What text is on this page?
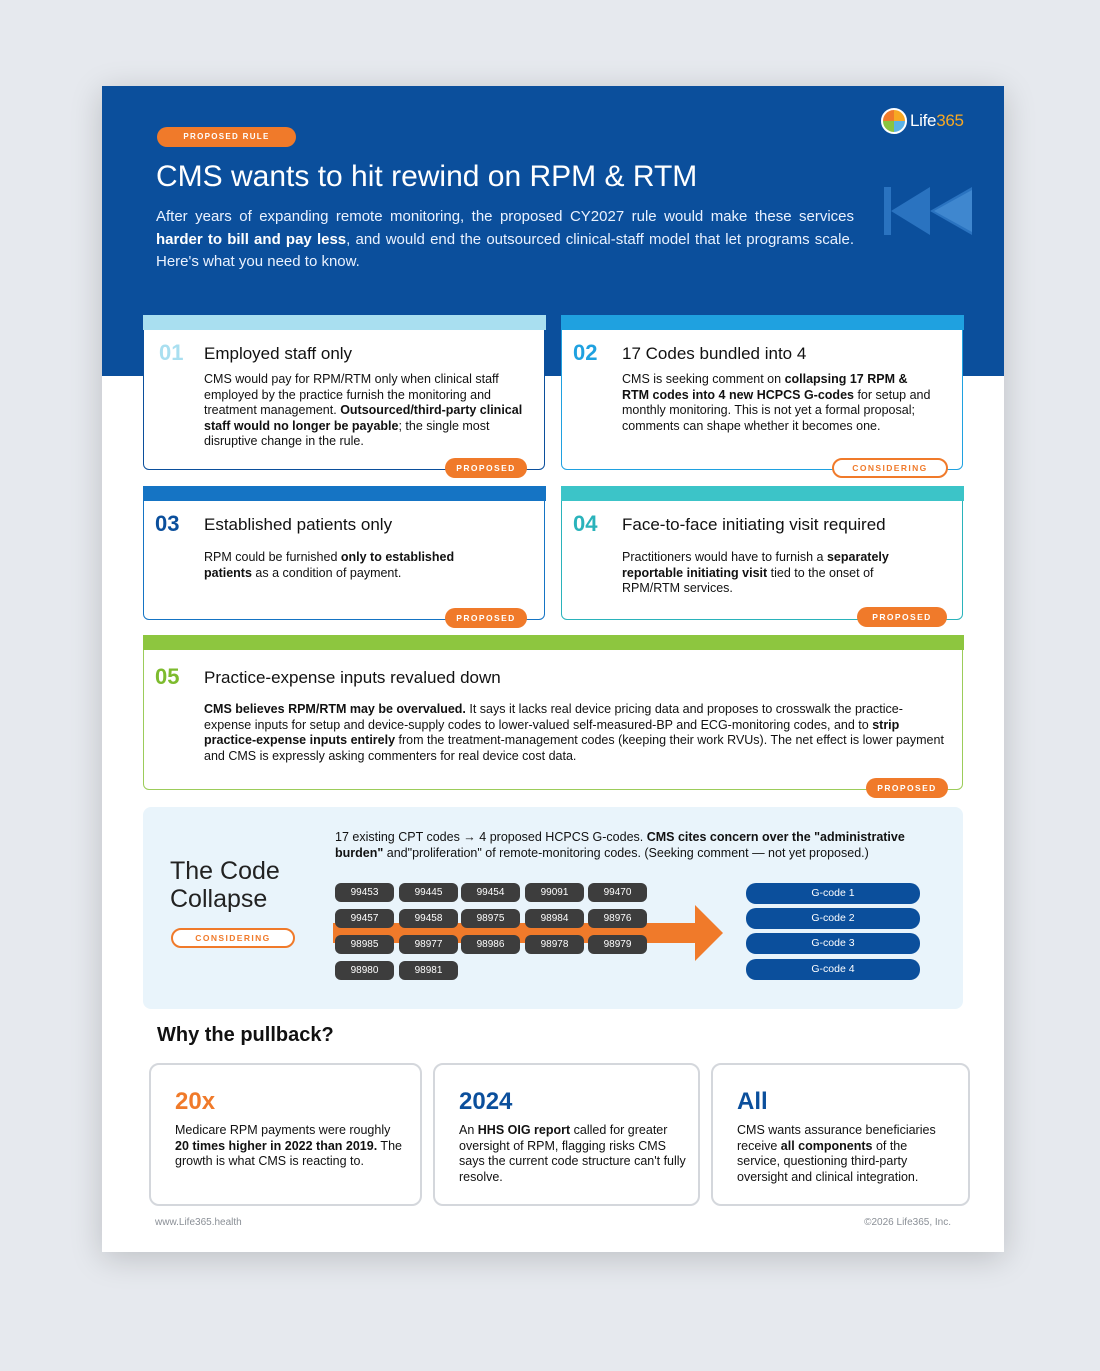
PROPOSED RULE
CMS wants to hit rewind on RPM & RTM

After years of expanding remote monitoring, the proposed CY2027 rule would make these services harder to bill and pay less, and would end the outsourced clinical-staff model that let programs scale. Here's what you need to know.

Life365
01 Employed staff only
CMS would pay for RPM/RTM only when clinical staff employed by the practice furnish the monitoring and treatment management. Outsourced/third-party clinical staff would no longer be payable; the single most disruptive change in the rule.
PROPOSED
02 17 Codes bundled into 4
CMS is seeking comment on collapsing 17 RPM & RTM codes into 4 new HCPCS G-codes for setup and monthly monitoring. This is not yet a formal proposal; comments can shape whether it becomes one.
CONSIDERING
03 Established patients only
RPM could be furnished only to established patients as a condition of payment.
PROPOSED
04 Face-to-face initiating visit required
Practitioners would have to furnish a separately reportable initiating visit tied to the onset of RPM/RTM services.
PROPOSED
05 Practice-expense inputs revalued down
CMS believes RPM/RTM may be overvalued. It says it lacks real device pricing data and proposes to crosswalk the practice-expense inputs for setup and device-supply codes to lower-valued self-measured-BP and ECG-monitoring codes, and to strip practice-expense inputs entirely from the treatment-management codes (keeping their work RVUs). The net effect is lower payment and CMS is expressly asking commenters for real device cost data.
PROPOSED
The Code Collapse
CONSIDERING
17 existing CPT codes → 4 proposed HCPCS G-codes. CMS cites concern over the "administrative burden" and"proliferation" of remote-monitoring codes. (Seeking comment — not yet proposed.)
99453	99445	99454	99091	99470
99457	99458	98975	98984	98976
98985	98977	98986	98978	98979
98980	98981
G-code 1
G-code 2
G-code 3
G-code 4
Why the pullback?
20x
Medicare RPM payments were roughly 20 times higher in 2022 than 2019. The growth is what CMS is reacting to.
2024
An HHS OIG report called for greater oversight of RPM, flagging risks CMS says the current code structure can't fully resolve.
All
CMS wants assurance beneficiaries receive all components of the service, questioning third-party oversight and clinical integration.
www.Life365.health	©2026 Life365, Inc.
